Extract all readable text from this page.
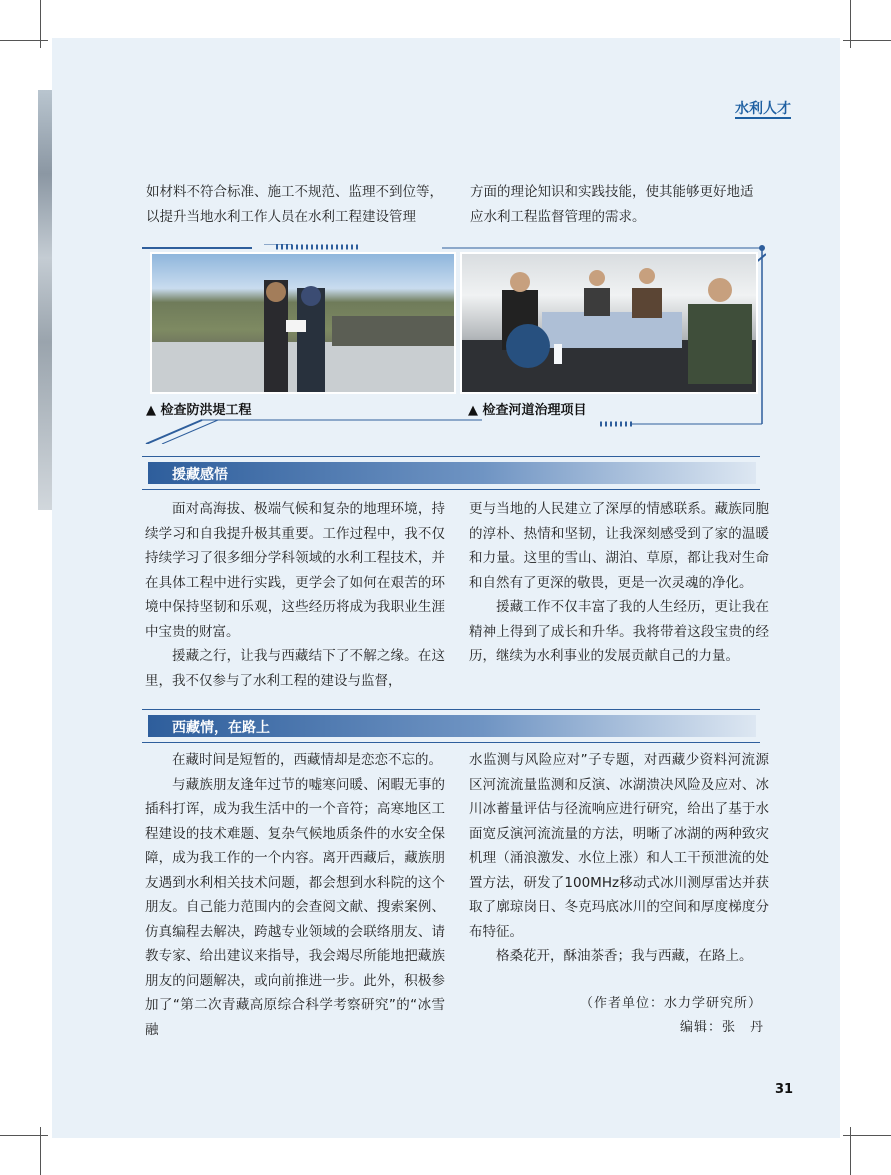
水利人才

如材料不符合标准、施工不规范、监理不到位等，

以提升当地水利工作人员在水利工程建设管理

方面的理论知识和实践技能，使其能够更好地适

应水利工程监督管理的需求。

▲ 检查防洪堤工程	▲ 检查河道治理项目
援藏感悟

面对高海拔、极端气候和复杂的地理环境，持续学习和自我提升极其重要。工作过程中，我不仅持续学习了很多细分学科领域的水利工程技术，并在具体工程中进行实践，更学会了如何在艰苦的环境中保持坚韧和乐观，这些经历将成为我职业生涯中宝贵的财富。

援藏之行，让我与西藏结下了不解之缘。在这里，我不仅参与了水利工程的建设与监督，

更与当地的人民建立了深厚的情感联系。藏族同胞的淳朴、热情和坚韧，让我深刻感受到了家的温暖和力量。这里的雪山、湖泊、草原，都让我对生命和自然有了更深的敬畏，更是一次灵魂的净化。

援藏工作不仅丰富了我的人生经历，更让我在精神上得到了成长和升华。我将带着这段宝贵的经历，继续为水利事业的发展贡献自己的力量。

西藏情，在路上

在藏时间是短暂的，西藏情却是恋恋不忘的。

与藏族朋友逢年过节的嘘寒问暖、闲暇无事的插科打诨，成为我生活中的一个音符；高寒地区工程建设的技术难题、复杂气候地质条件的水安全保障，成为我工作的一个内容。离开西藏后，藏族朋友遇到水利相关技术问题，都会想到水科院的这个朋友。自己能力范围内的会查阅文献、搜索案例、仿真编程去解决，跨越专业领域的会联络朋友、请教专家、给出建议来指导，我会竭尽所能地把藏族朋友的问题解决，或向前推进一步。此外，积极参加了“第二次青藏高原综合科学考察研究”的“冰雪融

水监测与风险应对”子专题，对西藏少资料河流源区河流流量监测和反演、冰湖溃决风险及应对、冰川冰蓄量评估与径流响应进行研究，给出了基于水面宽反演河流流量的方法，明晰了冰湖的两种致灾机理（涌浪激发、水位上涨）和人工干预泄流的处置方法，研发了100MHz移动式冰川测厚雷达并获取了廓琼岗日、冬克玛底冰川的空间和厚度梯度分布特征。

格桑花开，酥油茶香；我与西藏，在路上。

（作者单位：水力学研究所）
编辑：张　丹
31
